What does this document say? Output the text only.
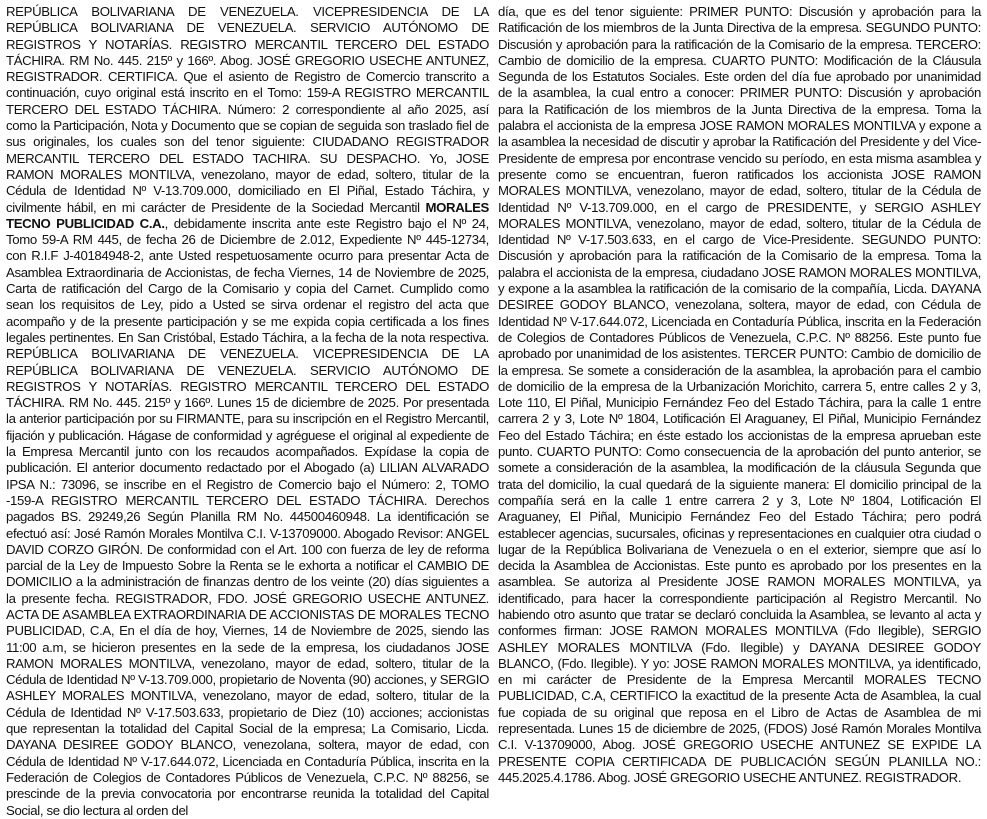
REPÚBLICA BOLIVARIANA DE VENEZUELA. VICEPRESIDENCIA DE LA REPÚBLICA BOLIVARIANA DE VENEZUELA. SERVICIO AUTÓNOMO DE REGISTROS Y NOTARÍAS. REGISTRO MERCANTIL TERCERO DEL ESTADO TÁCHIRA. RM No. 445. 215º y 166º. Abog. JOSÉ GREGORIO USECHE ANTUNEZ, REGISTRADOR. CERTIFICA. Que el asiento de Registro de Comercio transcrito a continuación, cuyo original está inscrito en el Tomo: 159-A REGISTRO MERCANTIL TERCERO DEL ESTADO TÁCHIRA. Número: 2 correspondiente al año 2025, así como la Participación, Nota y Documento que se copian de seguida son traslado fiel de sus originales, los cuales son del tenor siguiente: CIUDADANO REGISTRADOR MERCANTIL TERCERO DEL ESTADO TACHIRA. SU DESPACHO. Yo, JOSE RAMON MORALES MONTILVA, venezolano, mayor de edad, soltero, titular de la Cédula de Identidad Nº V-13.709.000, domiciliado en El Piñal, Estado Táchira, y civilmente hábil, en mi carácter de Presidente de la Sociedad Mercantil MORALES TECNO PUBLICIDAD C.A., debidamente inscrita ante este Registro bajo el Nº 24, Tomo 59-A RM 445, de fecha 26 de Diciembre de 2.012, Expediente Nº 445-12734, con R.I.F J-40184948-2, ante Usted respetuosamente ocurro para presentar Acta de Asamblea Extraordinaria de Accionistas, de fecha Viernes, 14 de Noviembre de 2025, Carta de ratificación del Cargo de la Comisario y copia del Carnet. Cumplido como sean los requisitos de Ley, pido a Usted se sirva ordenar el registro del acta que acompaño y de la presente participación y se me expida copia certificada a los fines legales pertinentes. En San Cristóbal, Estado Táchira, a la fecha de la nota respectiva. REPÚBLICA BOLIVARIANA DE VENEZUELA. VICEPRESIDENCIA DE LA REPÚBLICA BOLIVARIANA DE VENEZUELA. SERVICIO AUTÓNOMO DE REGISTROS Y NOTARÍAS. REGISTRO MERCANTIL TERCERO DEL ESTADO TÁCHIRA. RM No. 445. 215º y 166º. Lunes 15 de diciembre de 2025. Por presentada la anterior participación por su FIRMANTE, para su inscripción en el Registro Mercantil, fijación y publicación. Hágase de conformidad y agréguese el original al expediente de la Empresa Mercantil junto con los recaudos acompañados. Expídase la copia de publicación. El anterior documento redactado por el Abogado (a) LILIAN ALVARADO IPSA N.: 73096, se inscribe en el Registro de Comercio bajo el Número: 2, TOMO -159-A REGISTRO MERCANTIL TERCERO DEL ESTADO TÁCHIRA. Derechos pagados BS. 29249,26 Según Planilla RM No. 44500460948. La identificación se efectuó así: José Ramón Morales Montilva C.I. V-13709000. Abogado Revisor: ANGEL DAVID CORZO GIRÓN. De conformidad con el Art. 100 con fuerza de ley de reforma parcial de la Ley de Impuesto Sobre la Renta se le exhorta a notificar el CAMBIO DE DOMICILIO a la administración de finanzas dentro de los veinte (20) días siguientes a la presente fecha. REGISTRADOR, FDO. JOSÉ GREGORIO USECHE ANTUNEZ. ACTA DE ASAMBLEA EXTRAORDINARIA DE ACCIONISTAS DE MORALES TECNO PUBLICIDAD, C.A, En el día de hoy, Viernes, 14 de Noviembre de 2025, siendo las 11:00 a.m, se hicieron presentes en la sede de la empresa, los ciudadanos JOSE RAMON MORALES MONTILVA, venezolano, mayor de edad, soltero, titular de la Cédula de Identidad Nº V-13.709.000, propietario de Noventa (90) acciones, y SERGIO ASHLEY MORALES MONTILVA, venezolano, mayor de edad, soltero, titular de la Cédula de Identidad Nº V-17.503.633, propietario de Diez (10) acciones; accionistas que representan la totalidad del Capital Social de la empresa; La Comisario, Licda. DAYANA DESIREE GODOY BLANCO, venezolana, soltera, mayor de edad, con Cédula de Identidad Nº V-17.644.072, Licenciada en Contaduría Pública, inscrita en la Federación de Colegios de Contadores Públicos de Venezuela, C.P.C. Nº 88256, se prescinde de la previa convocatoria por encontrarse reunida la totalidad del Capital Social, se dio lectura al orden del

día, que es del tenor siguiente: PRIMER PUNTO: Discusión y aprobación para la Ratificación de los miembros de la Junta Directiva de la empresa. SEGUNDO PUNTO: Discusión y aprobación para la ratificación de la Comisario de la empresa. TERCERO: Cambio de domicilio de la empresa. CUARTO PUNTO: Modificación de la Cláusula Segunda de los Estatutos Sociales. Este orden del día fue aprobado por unanimidad de la asamblea, la cual entro a conocer: PRIMER PUNTO: Discusión y aprobación para la Ratificación de los miembros de la Junta Directiva de la empresa. Toma la palabra el accionista de la empresa JOSE RAMON MORALES MONTILVA y expone a la asamblea la necesidad de discutir y aprobar la Ratificación del Presidente y del Vice-Presidente de empresa por encontrase vencido su período, en esta misma asamblea y presente como se encuentran, fueron ratificados los accionista JOSE RAMON MORALES MONTILVA, venezolano, mayor de edad, soltero, titular de la Cédula de Identidad Nº V-13.709.000, en el cargo de PRESIDENTE, y SERGIO ASHLEY MORALES MONTILVA, venezolano, mayor de edad, soltero, titular de la Cédula de Identidad Nº V-17.503.633, en el cargo de Vice-Presidente. SEGUNDO PUNTO: Discusión y aprobación para la ratificación de la Comisario de la empresa. Toma la palabra el accionista de la empresa, ciudadano JOSE RAMON MORALES MONTILVA, y expone a la asamblea la ratificación de la comisario de la compañía, Licda. DAYANA DESIREE GODOY BLANCO, venezolana, soltera, mayor de edad, con Cédula de Identidad Nº V-17.644.072, Licenciada en Contaduría Pública, inscrita en la Federación de Colegios de Contadores Públicos de Venezuela, C.P.C. Nº 88256. Este punto fue aprobado por unanimidad de los asistentes. TERCER PUNTO: Cambio de domicilio de la empresa. Se somete a consideración de la asamblea, la aprobación para el cambio de domicilio de la empresa de la Urbanización Morichito, carrera 5, entre calles 2 y 3, Lote 110, El Piñal, Municipio Fernández Feo del Estado Táchira, para la calle 1 entre carrera 2 y 3, Lote Nº 1804, Lotificación El Araguaney, El Piñal, Municipio Fernández Feo del Estado Táchira; en éste estado los accionistas de la empresa aprueban este punto. CUARTO PUNTO: Como consecuencia de la aprobación del punto anterior, se somete a consideración de la asamblea, la modificación de la cláusula Segunda que trata del domicilio, la cual quedará de la siguiente manera: El domicilio principal de la compañía será en la calle 1 entre carrera 2 y 3, Lote Nº 1804, Lotificación El Araguaney, El Piñal, Municipio Fernández Feo del Estado Táchira; pero podrá establecer agencias, sucursales, oficinas y representaciones en cualquier otra ciudad o lugar de la República Bolivariana de Venezuela o en el exterior, siempre que así lo decida la Asamblea de Accionistas. Este punto es aprobado por los presentes en la asamblea. Se autoriza al Presidente JOSE RAMON MORALES MONTILVA, ya identificado, para hacer la correspondiente participación al Registro Mercantil. No habiendo otro asunto que tratar se declaró concluida la Asamblea, se levanto al acta y conformes firman: JOSE RAMON MORALES MONTILVA (Fdo Ilegible), SERGIO ASHLEY MORALES MONTILVA (Fdo. Ilegible) y DAYANA DESIREE GODOY BLANCO, (Fdo. Ilegible). Y yo: JOSE RAMON MORALES MONTILVA, ya identificado, en mi carácter de Presidente de la Empresa Mercantil MORALES TECNO PUBLICIDAD, C.A, CERTIFICO la exactitud de la presente Acta de Asamblea, la cual fue copiada de su original que reposa en el Libro de Actas de Asamblea de mi representada. Lunes 15 de diciembre de 2025, (FDOS) José Ramón Morales Montilva C.I. V-13709000, Abog. JOSÉ GREGORIO USECHE ANTUNEZ SE EXPIDE LA PRESENTE COPIA CERTIFICADA DE PUBLICACIÓN SEGÚN PLANILLA NO.: 445.2025.4.1786. Abog. JOSÉ GREGORIO USECHE ANTUNEZ. REGISTRADOR.
